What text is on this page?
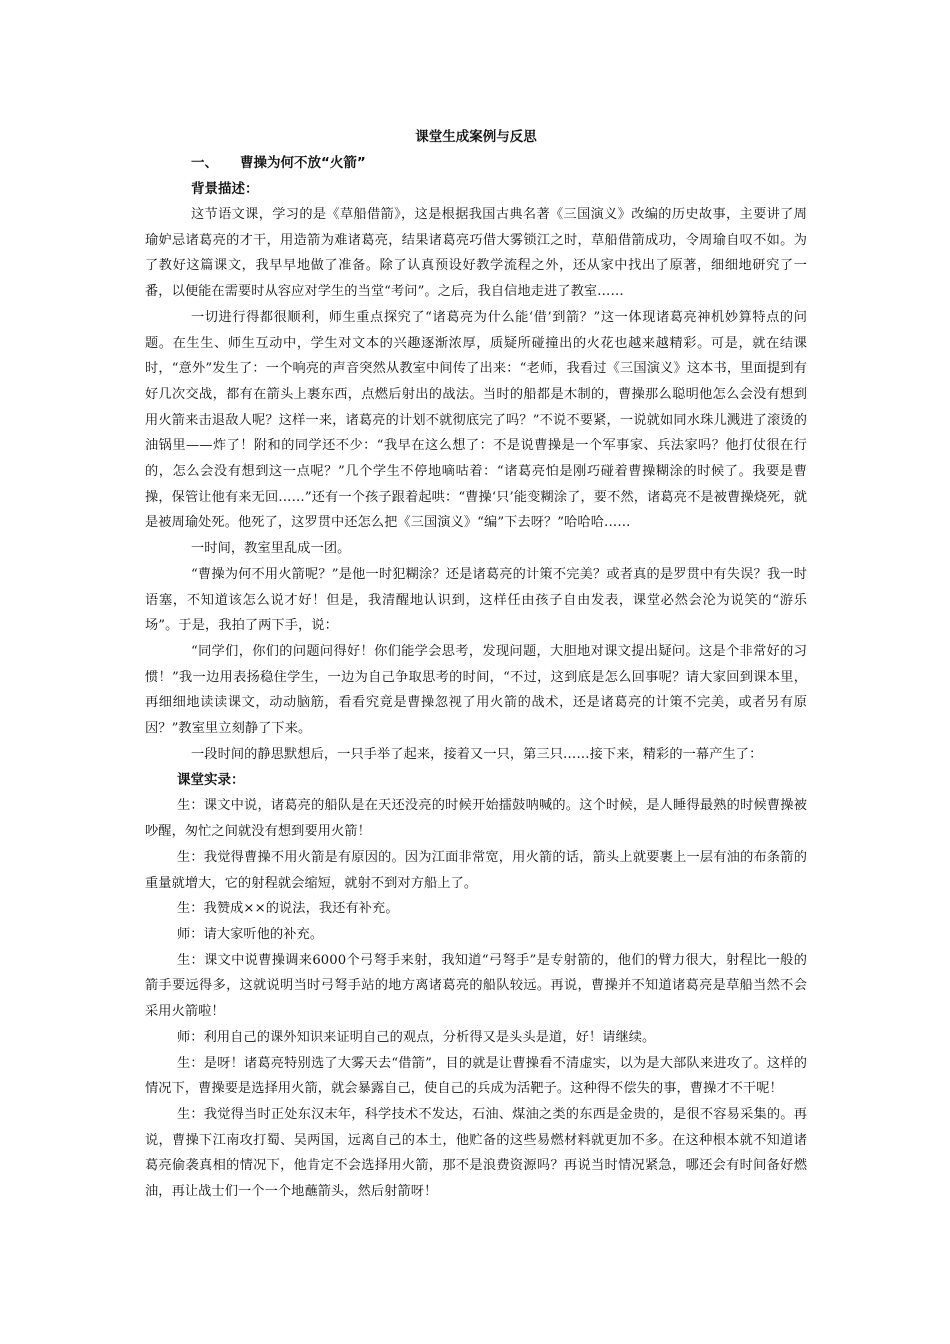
课堂生成案例与反思
一、 曹操为何不放“火箭”
背景描述：

这节语文课，学习的是《草船借箭》，这是根据我国古典名著《三国演义》改编的历史故事，主要讲了周瑜妒忌诸葛亮的才干，用造箭为难诸葛亮，结果诸葛亮巧借大雾锁江之时，草船借箭成功，令周瑜自叹不如。为了教好这篇课文，我早早地做了准备。除了认真预设好教学流程之外，还从家中找出了原著，细细地研究了一番，以便能在需要时从容应对学生的当堂“考问”。之后，我自信地走进了教室……

一切进行得都很顺利，师生重点探究了“诸葛亮为什么能‘借’到箭？”这一体现诸葛亮神机妙算特点的问题。在生生、师生互动中，学生对文本的兴趣逐渐浓厚，质疑所碰撞出的火花也越来越精彩。可是，就在结课时，“意外”发生了：一个响亮的声音突然从教室中间传了出来：“老师，我看过《三国演义》这本书，里面提到有好几次交战，都有在箭头上裹东西，点燃后射出的战法。当时的船都是木制的，曹操那么聪明他怎么会没有想到用火箭来击退敌人呢？这样一来，诸葛亮的计划不就彻底完了吗？”不说不要紧，一说就如同水珠儿溅进了滚烫的油锅里——炸了！附和的同学还不少：“我早在这么想了：不是说曹操是一个军事家、兵法家吗？他打仗很在行的，怎么会没有想到这一点呢？”几个学生不停地嘀咕着：“诸葛亮怕是刚巧碰着曹操糊涂的时候了。我要是曹操，保管让他有来无回……”还有一个孩子跟着起哄：“曹操‘只’能变糊涂了，要不然，诸葛亮不是被曹操烧死，就是被周瑜处死。他死了，这罗贯中还怎么把《三国演义》“编”下去呀？”哈哈哈……

一时间，教室里乱成一团。

“曹操为何不用火箭呢？”是他一时犯糊涂？还是诸葛亮的计策不完美？或者真的是罗贯中有失误？我一时语塞，不知道该怎么说才好！但是，我清醒地认识到，这样任由孩子自由发表，课堂必然会沦为说笑的“游乐场”。于是，我拍了两下手，说：

“同学们，你们的问题问得好！你们能学会思考，发现问题，大胆地对课文提出疑问。这是个非常好的习惯！”我一边用表扬稳住学生，一边为自己争取思考的时间，“不过，这到底是怎么回事呢？请大家回到课本里，再细细地读读课文，动动脑筋，看看究竟是曹操忽视了用火箭的战术，还是诸葛亮的计策不完美，或者另有原因？”教室里立刻静了下来。

一段时间的静思默想后，一只手举了起来，接着又一只，第三只……接下来，精彩的一幕产生了：

课堂实录：

生：课文中说，诸葛亮的船队是在天还没亮的时候开始擂鼓呐喊的。这个时候，是人睡得最熟的时候曹操被吵醒，匆忙之间就没有想到要用火箭！

生：我觉得曹操不用火箭是有原因的。因为江面非常宽，用火箭的话，箭头上就要裹上一层有油的布条箭的重量就增大，它的射程就会缩短，就射不到对方船上了。

生：我赞成××的说法，我还有补充。

师：请大家听他的补充。

生：课文中说曹操调来6000个弓弩手来射，我知道“弓弩手”是专射箭的，他们的臂力很大，射程比一般的箭手要远得多，这就说明当时弓弩手站的地方离诸葛亮的船队较远。再说，曹操并不知道诸葛亮是草船当然不会采用火箭啦！

师：利用自己的课外知识来证明自己的观点，分析得又是头头是道，好！请继续。

生：是呀！诸葛亮特别选了大雾天去“借箭”，目的就是让曹操看不清虚实，以为是大部队来进攻了。这样的情况下，曹操要是选择用火箭，就会暴露自己，使自己的兵成为活靶子。这种得不偿失的事，曹操才不干呢！

生：我觉得当时正处东汉末年，科学技术不发达，石油、煤油之类的东西是金贵的，是很不容易采集的。再说，曹操下江南攻打蜀、吴两国，远离自己的本土，他贮备的这些易燃材料就更加不多。在这种根本就不知道诸葛亮偷袭真相的情况下，他肯定不会选择用火箭，那不是浪费资源吗？再说当时情况紧急，哪还会有时间备好燃油，再让战士们一个一个地蘸箭头，然后射箭呀！
